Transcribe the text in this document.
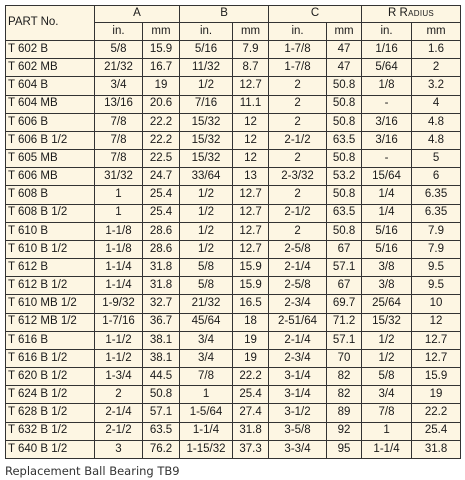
PART No.	A		B		C		R Radius	
	in.	mm	in.	mm	in.	mm	in.	mm
T 602 B	5/8	15.9	5/16	7.9	1-7/8	47	1/16	1.6
T 602 MB	21/32	16.7	11/32	8.7	1-7/8	47	5/64	2
T 604 B	3/4	19	1/2	12.7	2	50.8	1/8	3.2
T 604 MB	13/16	20.6	7/16	11.1	2	50.8	-	4
T 606 B	7/8	22.2	15/32	12	2	50.8	3/16	4.8
T 606 B 1/2	7/8	22.2	15/32	12	2-1/2	63.5	3/16	4.8
T 605 MB	7/8	22.5	15/32	12	2	50.8	-	5
T 606 MB	31/32	24.7	33/64	13	2-3/32	53.2	15/64	6
T 608 B	1	25.4	1/2	12.7	2	50.8	1/4	6.35
T 608 B 1/2	1	25.4	1/2	12.7	2-1/2	63.5	1/4	6.35
T 610 B	1-1/8	28.6	1/2	12.7	2	50.8	5/16	7.9
T 610 B 1/2	1-1/8	28.6	1/2	12.7	2-5/8	67	5/16	7.9
T 612 B	1-1/4	31.8	5/8	15.9	2-1/4	57.1	3/8	9.5
T 612 B 1/2	1-1/4	31.8	5/8	15.9	2-5/8	67	3/8	9.5
T 610 MB 1/2	1-9/32	32.7	21/32	16.5	2-3/4	69.7	25/64	10
T 612 MB 1/2	1-7/16	36.7	45/64	18	2-51/64	71.2	15/32	12
T 616 B	1-1/2	38.1	3/4	19	2-1/4	57.1	1/2	12.7
T 616 B 1/2	1-1/2	38.1	3/4	19	2-3/4	70	1/2	12.7
T 620 B 1/2	1-3/4	44.5	7/8	22.2	3-1/4	82	5/8	15.9
T 624 B 1/2	2	50.8	1	25.4	3-1/4	82	3/4	19
T 628 B 1/2	2-1/4	57.1	1-5/64	27.4	3-1/2	89	7/8	22.2
T 632 B 1/2	2-1/2	63.5	1-1/4	31.8	3-5/8	92	1	25.4
T 640 B 1/2	3	76.2	1-15/32	37.3	3-3/4	95	1-1/4	31.8
Replacement Ball Bearing TB9
